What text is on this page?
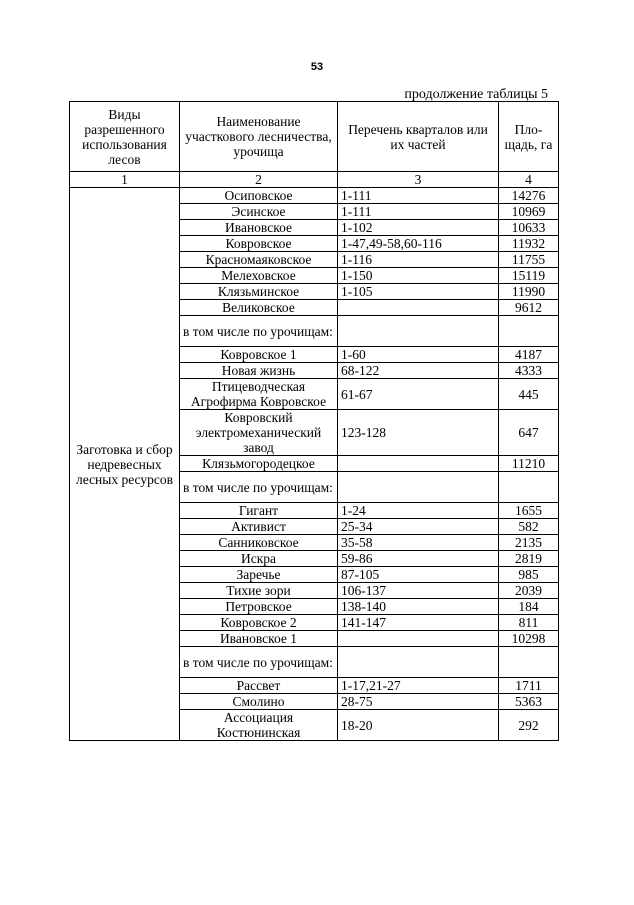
53
продолжение таблицы 5
Виды разрешенного использования лесов	Наименование участкового лесничества, урочища	Перечень кварталов или их частей	Пло-щадь, га
1	2	3	4
Заготовка и сбор недревесных лесных ресурсов	Осиповское	1-111	14276
	Эсинское	1-111	10969
	Ивановское	1-102	10633
	Ковровское	1-47,49-58,60-116	11932
	Красномаяковское	1-116	11755
	Мелеховское	1-150	15119
	Клязьминское	1-105	11990
	Великовское		9612
	в том числе по урочищам:		
	Ковровское 1	1-60	4187
	Новая жизнь	68-122	4333
	Птицеводческая Агрофирма Ковровское	61-67	445
	Ковровский электромеханический завод	123-128	647
	Клязьмогородецкое		11210
	в том числе по урочищам:		
	Гигант	1-24	1655
	Активист	25-34	582
	Санниковское	35-58	2135
	Искра	59-86	2819
	Заречье	87-105	985
	Тихие зори	106-137	2039
	Петровское	138-140	184
	Ковровское 2	141-147	811
	Ивановское 1		10298
	в том числе по урочищам:		
	Рассвет	1-17,21-27	1711
	Смолино	28-75	5363
	Ассоциация Костюнинская	18-20	292
